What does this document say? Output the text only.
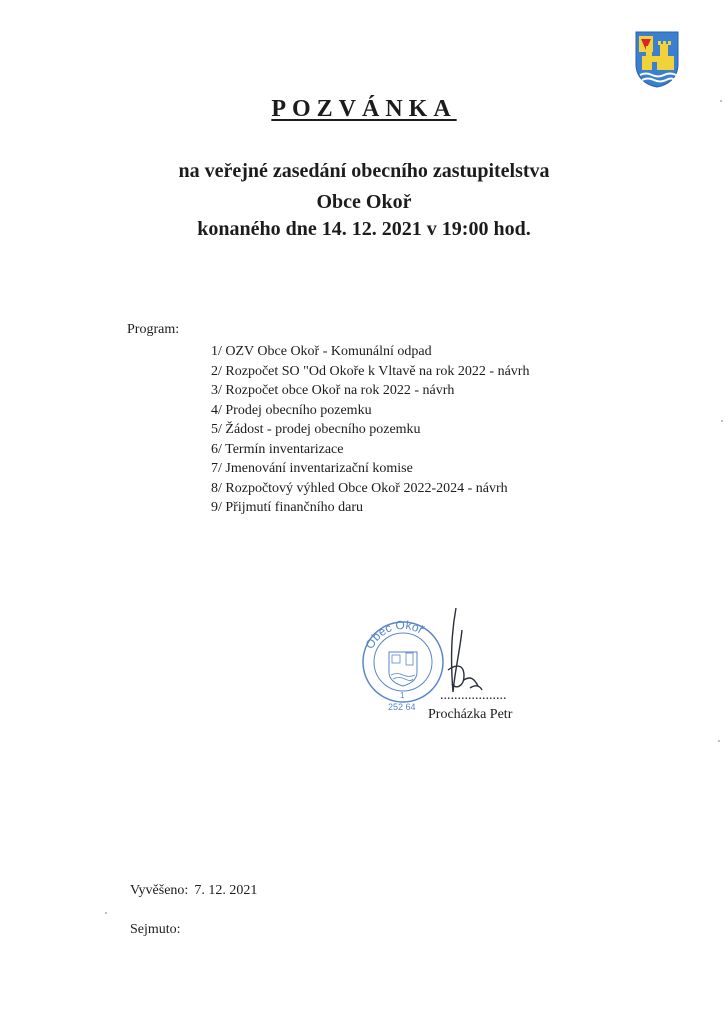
POZVÁNKA
na veřejné zasedání obecního zastupitelstva
Obce Okoř
konaného dne 14. 12. 2021 v 19:00 hod.
Program:
1/ OZV Obce Okoř - Komunální odpad
2/ Rozpočet SO "Od Okoře k Vltavě na rok 2022 - návrh
3/ Rozpočet obce Okoř na rok 2022 - návrh
4/ Prodej obecního pozemku
5/ Žádost - prodej obecního pozemku
6/ Termín inventarizace
7/ Jmenování inventarizační komise
8/ Rozpočtový výhled Obce Okoř 2022-2024 - návrh
9/ Přijmutí finančního daru
Obec Okoř
1
252 64
...................
Procházka Petr
Vyvěšeno: 7. 12. 2021
Sejmuto:
